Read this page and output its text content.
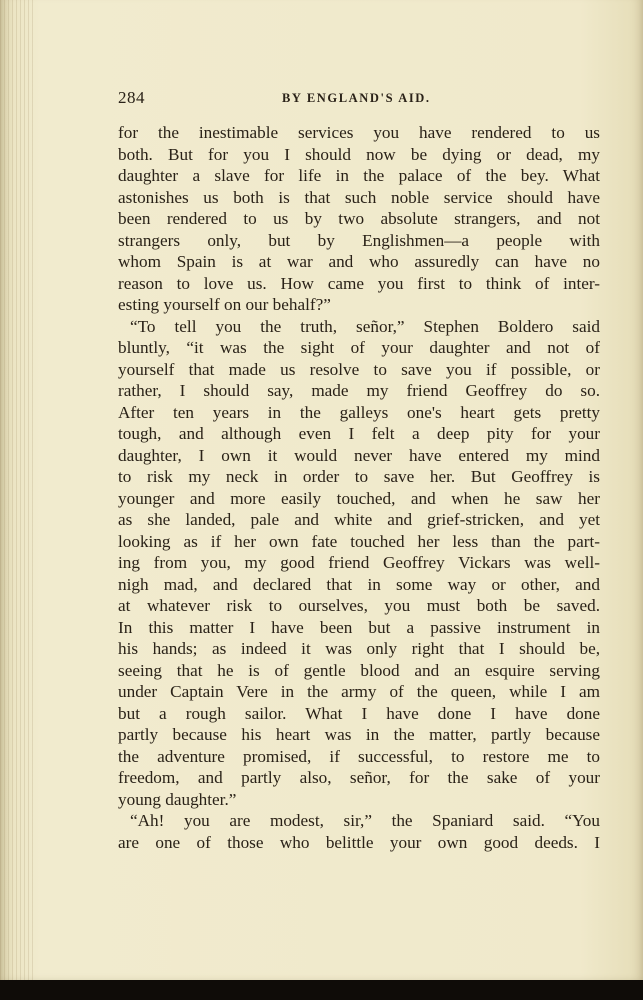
284	BY ENGLAND'S AID.
for the inestimable services you have rendered to us
both. But for you I should now be dying or dead, my
daughter a slave for life in the palace of the bey. What
astonishes us both is that such noble service should have
been rendered to us by two absolute strangers, and not
strangers only, but by Englishmen—a people with
whom Spain is at war and who assuredly can have no
reason to love us. How came you first to think of inter-
esting yourself on our behalf?”
“To tell you the truth, señor,” Stephen Boldero said
bluntly, “it was the sight of your daughter and not of
yourself that made us resolve to save you if possible, or
rather, I should say, made my friend Geoffrey do so.
After ten years in the galleys one's heart gets pretty
tough, and although even I felt a deep pity for your
daughter, I own it would never have entered my mind
to risk my neck in order to save her. But Geoffrey is
younger and more easily touched, and when he saw her
as she landed, pale and white and grief-stricken, and yet
looking as if her own fate touched her less than the part-
ing from you, my good friend Geoffrey Vickars was well-
nigh mad, and declared that in some way or other, and
at whatever risk to ourselves, you must both be saved.
In this matter I have been but a passive instrument in
his hands; as indeed it was only right that I should be,
seeing that he is of gentle blood and an esquire serving
under Captain Vere in the army of the queen, while I am
but a rough sailor. What I have done I have done
partly because his heart was in the matter, partly because
the adventure promised, if successful, to restore me to
freedom, and partly also, señor, for the sake of your
young daughter.”
“Ah! you are modest, sir,” the Spaniard said. “You
are one of those who belittle your own good deeds. I
